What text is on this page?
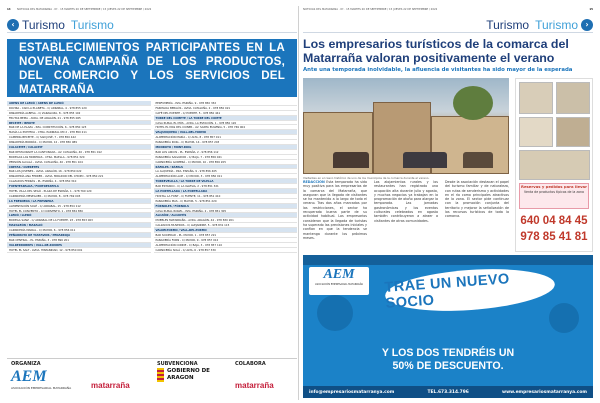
14 NOTICIAS DEL MATARRAÑA · Nº · 15 MARTES 20 DE SEPTIEMBRE / 15 JUEVES 22 DE SEPTIEMBRE / 2022
‹ Turismo Turismo
ESTABLECIMIENTOS PARTICIPANTES EN LA NOVENA CAMPAÑA DE LOS PRODUCTOS, DEL COMERCIO Y LOS SERVICIOS DEL MATARRAÑA
ARENS DE LLEDÓ / ARENS DE LLEDÓ
ROVIRA - CAN LA PLANETA - C/ ARRABAL, 4 - 978 855 120
PANADERÍA ALBESA - C/ ZARAGOZA, 8 - 978 855 102
FRUTAS BEMA - AVDA. DE ARAGÓN, 21 - 978 855 065
BECEITE / BEKITE
BAR DE LA PLAZA - PZA. CONSTITUCIÓN, 6 - 978 850 123
MASÍA LA PUEYEDA - CTRA. PARRIZAL KM 2 - 978 850 211
CAMPING BECEITE - C/ SAN JOSÉ, 7 - 978 850 442
PANADERÍA BORRÁS - C/ MAYOR, 12 - 978 850 089
CALACEITE / CALACEIT
BAR RESTAURANT LA CANTONADA - AV. CATALUÑA, 40 - 978 851 012
BODEGAS LAS MORERAS - CTRA. MAELLA - 978 851 320
PENSIÓN ALCALÁ - AVDA. CATALUÑA, 40 - 978 851 104
CRETAS / QUERETES
BAR LOS JOVENES - AVDA. ARAGÓN, 16 - 978 850 022
PANADERÍA ANA FERRER - AVDA. MIRADOR DEL CHOPO - 978 850 221
CALZADOS FERRÁS - PL. ESPAÑA, 4 - 978 850 310
FUENTESPALDA / FONTDESPATLA
HOTEL VILLA DEL SEGÓ - PLAZA DE ESPAÑA, 1 - 978 769 120
CARNICERÍA MESEGUER - C/ MAYOR, 8 - 978 769 045
LA FRESNEDA / LA FRESNEDA
ALIMENTACIÓN SOLÉ - C/ ARRABAL, 15 - 978 854 112
HOTEL EL CONVENTO - C/ CONVENTO, 1 - 978 854 850
LLEDÓ / LLEDÓ
BODEGA SANZ - C/ ARRABAL DE LA FUENTE, 23 - 978 853 003
MAZALEÓN / MAZALIÓ
CARNICERÍA MAIRAL - C/ MAYOR, 6 - 978 856 011
PEÑARROYA DE TASTAVINS / PENARROJA
BAR CENTRAL - PL. ESPAÑA, 3 - 978 896 201
VALDERROBRES / VALL-DE-ROURES
HOTEL EL SALT - AVDA. HISPANIDAD, 12 - 978 850 001
PERFUMERÍA - PZA. ESPAÑA, 9 - 978 850 332
FARMACIA BERGÓS - AVDA. CATALUÑA, 2 - 978 850 021
CAFÉ DEL PUENTE - C/ PUENTE, 5 - 978 850 441
TORRE DEL COMPTE / LA TORRE DEL COMTE
CASA RURAL EL MÓS - AVDA. LA ESTACIÓN, 1 - 978 850 120
HOTEL EL MAS DEL CUINER - AV. SANTA EUGENIA, 5 - 978 769 004
VALJUNQUERA / VALL-DEL-TORMO
ALIMENTACIÓN MARÍA - C/ ALTA, 8 - 978 857 011
PANADERÍA ROIG - C/ MAYOR, 14 - 978 857 203
MONROYO / MONT-ROIG
BAR LOS ARCOS - PL. ESPAÑA, 2 - 978 856 112
PANADERÍA SALVADOR - C/ BAJA, 7 - 978 856 021
CARNICERÍA GUIMERÁ - C/ MAYOR, 10 - 978 856 205
RÀFALES / RÀFALS
LA ALQUERÍA - PZA. ESPAÑA, 9 - 978 856 405
ALIMENTACIÓN LLOP - C/ MAYOR, 3 - 978 856 011
TORREVELILLA / LA TORRE DE VILELLA
BAR ESTANCO - C/ LA IGLESIA, 2 - 978 851 321
LA PORTELLADA / LA PORTELLADA
HOSTAL LA FONT - C/ FUENTE, 11 - 978 851 410
PANADERÍA MAS - C/ MAYOR, 5 - 978 851 220
FÓRNOLES / FÓRNOLS
CASA RURAL ROGEL - PZA. ESPAÑA, 2 - 978 851 305
ALCAÑIZ / ALCANYÍS
MUEBLES MATARRAÑA - AVDA. ARAGÓN, 44 - 978 830 201
CALZADOS MUSEROS - C/ ALEJANDRE, 5 - 978 831 115
VALDELTORMO / VALL-DEL-TORMO
BAR SOCIEDAD - PL. MAYOR, 1 - 978 857 221
PANADERÍA FORN - C/ MAYOR, 9 - 978 857 012
ALIMENTACIÓN CONDE - C/ BAJA, 3 - 978 857 110
CARNICERÍA SOLÁ - C/ ALTA, 6 - 978 857 330
ORGANIZA
AEM
ASOCIACIÓN EMPRESARIAL MATARRAÑA	matarraña
SUBVENCIONA
GOBIERNO DE ARAGON
COLABORA
matarraña
NOTICIAS DEL MATARRAÑA · Nº · 15 MARTES 20 DE SEPTIEMBRE / 15 JUEVES 22 DE SEPTIEMBRE / 2022	15
Turismo Turismo ›
Los empresarios turísticos de la comarca del Matarraña valoran positivamente el verano
Ante una temporada inolvidable, la afluencia de visitantes ha sido mayor de la esperada
Visitantes en el casco histórico de uno de los municipios de la comarca durante el verano.
REDACCIÓN Esta temporada ha sido muy positiva para los empresarios de la comarca del Matarraña, que aseguran que la llegada de visitantes se ha mantenido a lo largo de todo el verano. Tras dos años marcados por las restricciones, el sector ha recuperado buena parte de su actividad habitual. Los empresarios consideran que la llegada de turistas ha superado las previsiones iniciales y confían en que la tendencia se mantenga durante los próximos meses.
Los alojamientos rurales y los restaurantes han registrado una ocupación alta durante julio y agosto, y muchos negocios ya trabajan en la programación de otoño para alargar la temporada.	Las jornadas gastronómicas y los eventos culturales celebrados en agosto también contribuyeron a atraer a visitantes de otras comunidades.
Desde la asociación destacan el papel del turismo familiar y de naturaleza, con rutas de senderismo y actividades en el río como principales atractivos de la zona. El sector pide continuar con la promoción conjunta del territorio y mejorar la señalización de los recursos turísticos de toda la comarca.
Reservas y pedidos para llevar
Venta de productos típicos de la zona
640 04 84 45
978 85 41 81
AEM
ASOCIACIÓN EMPRESARIAL MATARRAÑA	TRAE UN NUEVO SOCIO
Y LOS DOS TENDRÉIS UN
50% DE DESCUENTO.
info@empresariosmatarranya.com	TEL.673.314.796	www.empresariosmatarranya.com
